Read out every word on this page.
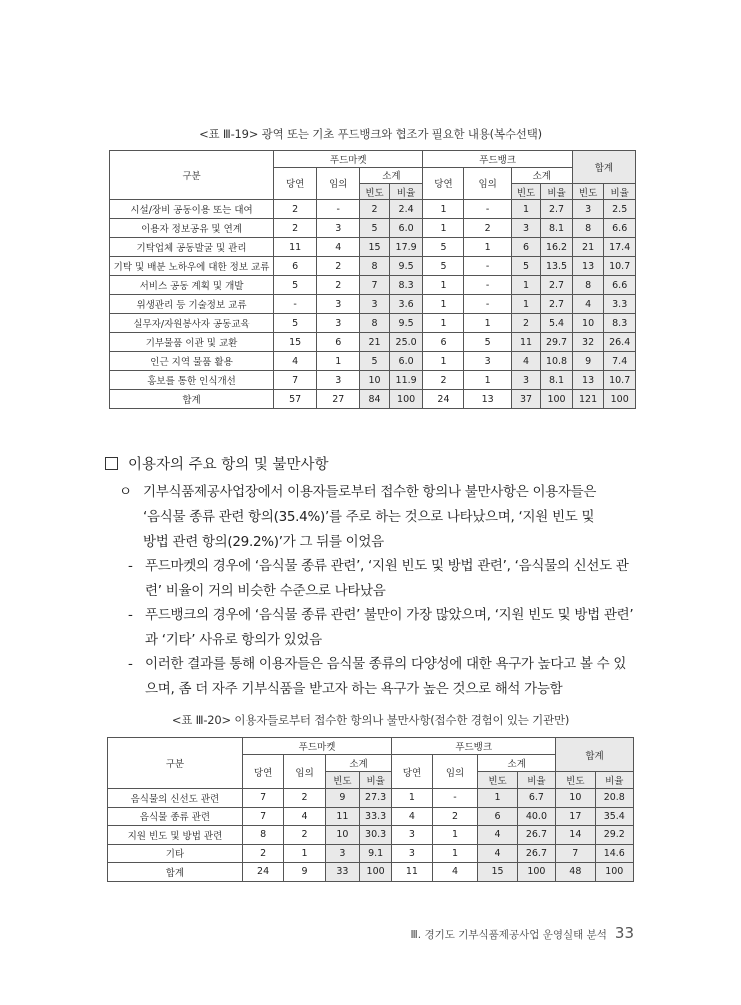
<표 Ⅲ-19> 광역 또는 기초 푸드뱅크와 협조가 필요한 내용(복수선택)
구분	푸드마켓				푸드뱅크				합계	
	당연	임의	소계		당연	임의	소계			
			빈도	비율			빈도	비율	빈도	비율
시설/장비 공동이용 또는 대여	2	-	2	2.4	1	-	1	2.7	3	2.5
이용자 정보공유 및 연계	2	3	5	6.0	1	2	3	8.1	8	6.6
기탁업체 공동발굴 및 관리	11	4	15	17.9	5	1	6	16.2	21	17.4
기탁 및 배분 노하우에 대한 정보 교류	6	2	8	9.5	5	-	5	13.5	13	10.7
서비스 공동 계획 및 개발	5	2	7	8.3	1	-	1	2.7	8	6.6
위생관리 등 기술정보 교류	-	3	3	3.6	1	-	1	2.7	4	3.3
실무자/자원봉사자 공동교육	5	3	8	9.5	1	1	2	5.4	10	8.3
기부물품 이관 및 교환	15	6	21	25.0	6	5	11	29.7	32	26.4
인근 지역 물품 활용	4	1	5	6.0	1	3	4	10.8	9	7.4
홍보를 통한 인식개선	7	3	10	11.9	2	1	3	8.1	13	10.7
합계	57	27	84	100	24	13	37	100	121	100
이용자의 주요 항의 및 불만사항
ㅇ 기부식품제공사업장에서 이용자들로부터 접수한 항의나 불만사항은 이용자들은
‘음식물 종류 관련 항의(35.4%)’를 주로 하는 것으로 나타났으며, ‘지원 빈도 및
방법 관련 항의(29.2%)’가 그 뒤를 이었음
- 푸드마켓의 경우에 ‘음식물 종류 관련’, ‘지원 빈도 및 방법 관련’, ‘음식물의 신선도 관
련’ 비율이 거의 비슷한 수준으로 나타났음
- 푸드뱅크의 경우에 ‘음식물 종류 관련’ 불만이 가장 많았으며, ‘지원 빈도 및 방법 관련’
과 ‘기타’ 사유로 항의가 있었음
- 이러한 결과를 통해 이용자들은 음식물 종류의 다양성에 대한 욕구가 높다고 볼 수 있
으며, 좀 더 자주 기부식품을 받고자 하는 욕구가 높은 것으로 해석 가능함
<표 Ⅲ-20> 이용자들로부터 접수한 항의나 불만사항(접수한 경험이 있는 기관만)
구분	푸드마켓				푸드뱅크				합계	
	당연	임의	소계		당연	임의	소계			
			빈도	비율			빈도	비율	빈도	비율
음식물의 신선도 관련	7	2	9	27.3	1	-	1	6.7	10	20.8
음식물 종류 관련	7	4	11	33.3	4	2	6	40.0	17	35.4
지원 빈도 및 방법 관련	8	2	10	30.3	3	1	4	26.7	14	29.2
기타	2	1	3	9.1	3	1	4	26.7	7	14.6
합계	24	9	33	100	11	4	15	100	48	100
Ⅲ. 경기도 기부식품제공사업 운영실태 분석 33
